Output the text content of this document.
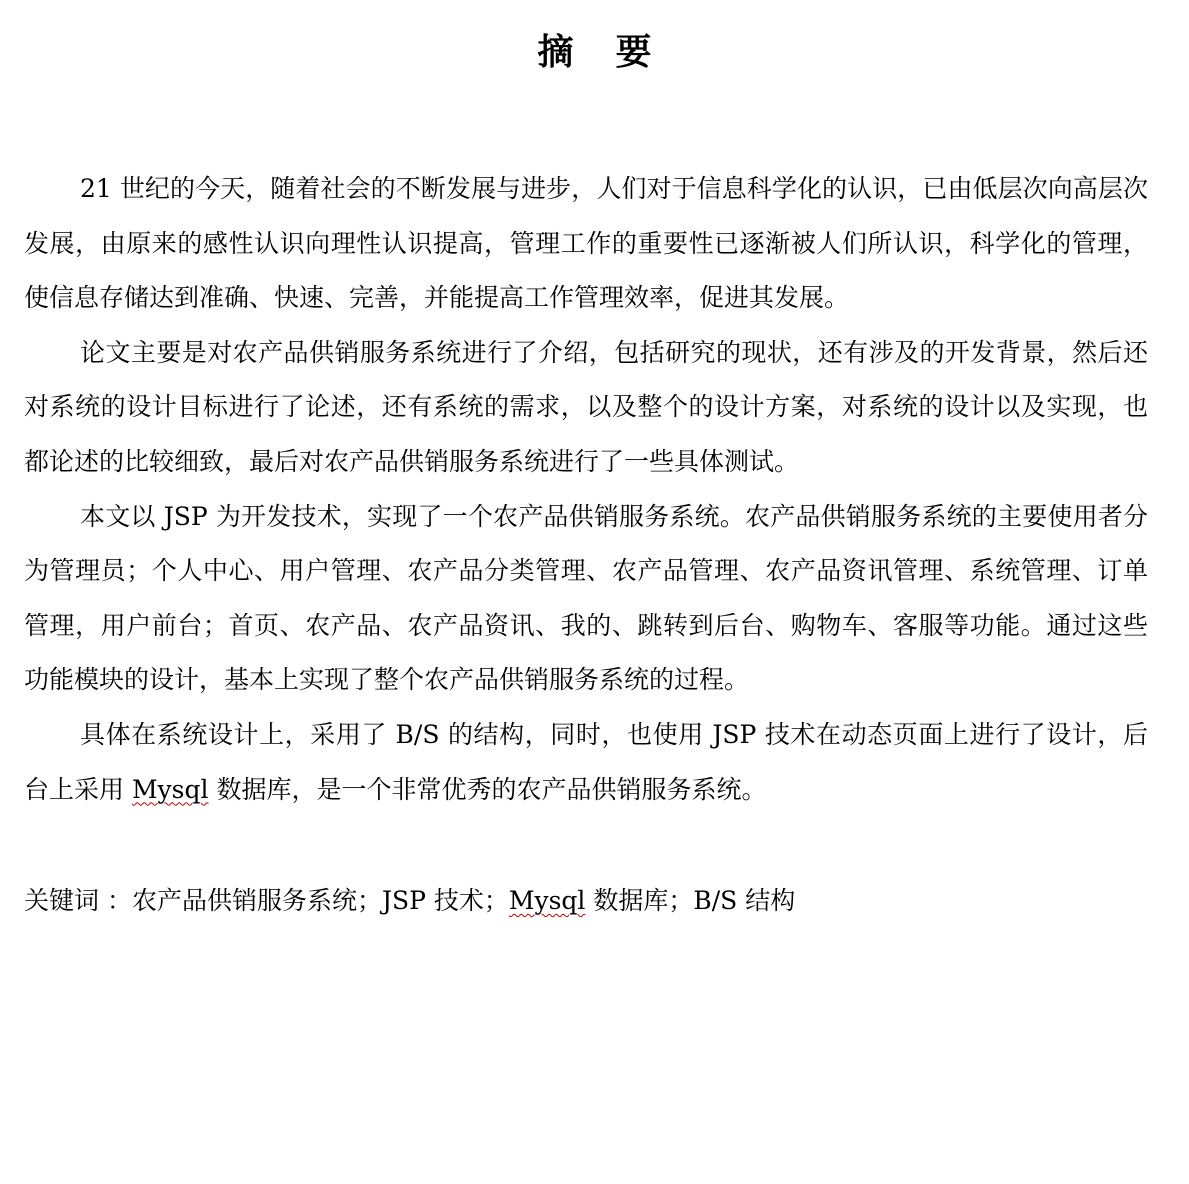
摘 要

21 世纪的今天，随着社会的不断发展与进步，人们对于信息科学化的认识，已由低层次向高层次发展，由原来的感性认识向理性认识提高，管理工作的重要性已逐渐被人们所认识，科学化的管理，使信息存储达到准确、快速、完善，并能提高工作管理效率，促进其发展。

论文主要是对农产品供销服务系统进行了介绍，包括研究的现状，还有涉及的开发背景，然后还对系统的设计目标进行了论述，还有系统的需求，以及整个的设计方案，对系统的设计以及实现，也都论述的比较细致，最后对农产品供销服务系统进行了一些具体测试。

本文以 JSP 为开发技术，实现了一个农产品供销服务系统。农产品供销服务系统的主要使用者分为管理员；个人中心、用户管理、农产品分类管理、农产品管理、农产品资讯管理、系统管理、订单管理，用户前台；首页、农产品、农产品资讯、我的、跳转到后台、购物车、客服等功能。通过这些功能模块的设计，基本上实现了整个农产品供销服务系统的过程。

具体在系统设计上，采用了 B/S 的结构，同时，也使用 JSP 技术在动态页面上进行了设计，后台上采用 Mysql 数据库，是一个非常优秀的农产品供销服务系统。

关键词 ：农产品供销服务系统；JSP 技术；Mysql 数据库；B/S 结构
